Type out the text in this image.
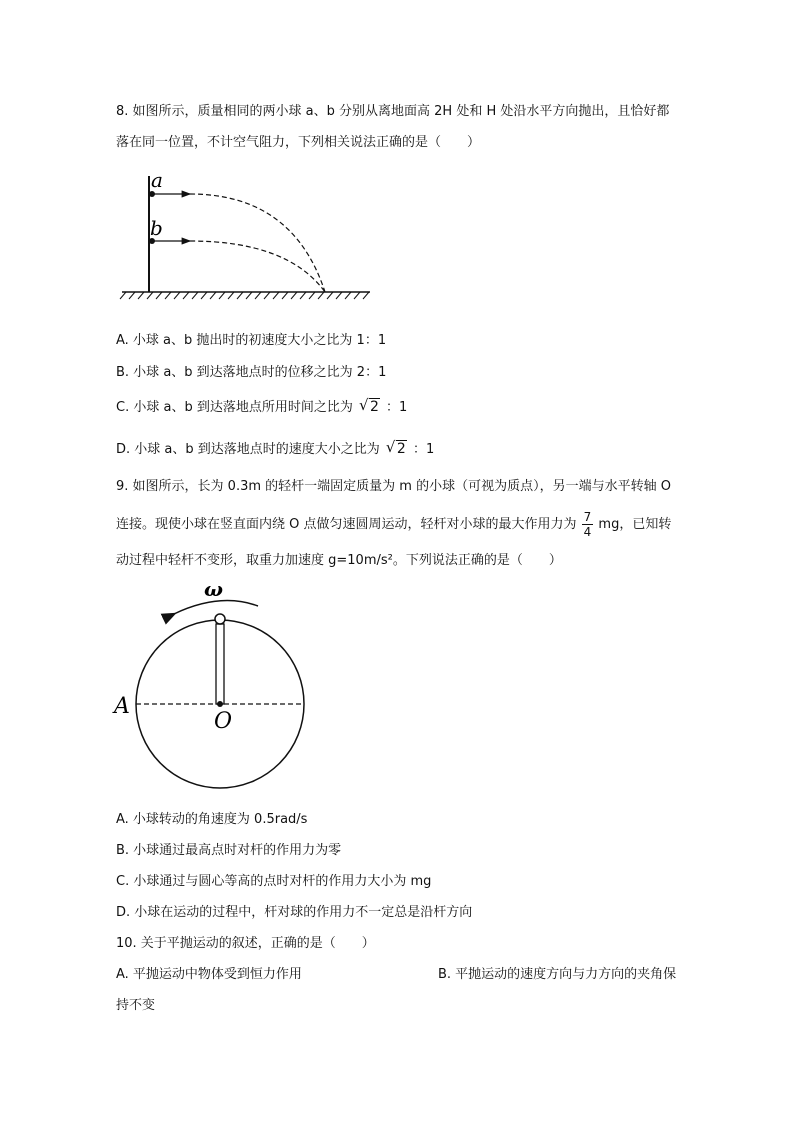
8. 如图所示，质量相同的两小球 a、b 分别从离地面高 2H 处和 H 处沿水平方向抛出，且恰好都
落在同一位置，不计空气阻力，下列相关说法正确的是（　　）
a
b
A. 小球 a、b 抛出时的初速度大小之比为 1：1
B. 小球 a、b 到达落地点时的位移之比为 2：1
C. 小球 a、b 到达落地点所用时间之比为 √ 2 ：1
D. 小球 a、b 到达落地点时的速度大小之比为 √ 2 ：1
9. 如图所示，长为 0.3m 的轻杆一端固定质量为 m 的小球（可视为质点），另一端与水平转轴 O
连接。现使小球在竖直面内绕 O 点做匀速圆周运动，轻杆对小球的最大作用力为 $\frac{7}{4}$ mg，已知转
动过程中轻杆不变形，取重力加速度 g=10m/s²。下列说法正确的是（　　）
ω
A
O
A. 小球转动的角速度为 0.5rad/s
B. 小球通过最高点时对杆的作用力为零
C. 小球通过与圆心等高的点时对杆的作用力大小为 mg
D. 小球在运动的过程中，杆对球的作用力不一定总是沿杆方向
10. 关于平抛运动的叙述，正确的是（　　）
A. 平抛运动中物体受到恒力作用	B. 平抛运动的速度方向与力方向的夹角保
持不变
